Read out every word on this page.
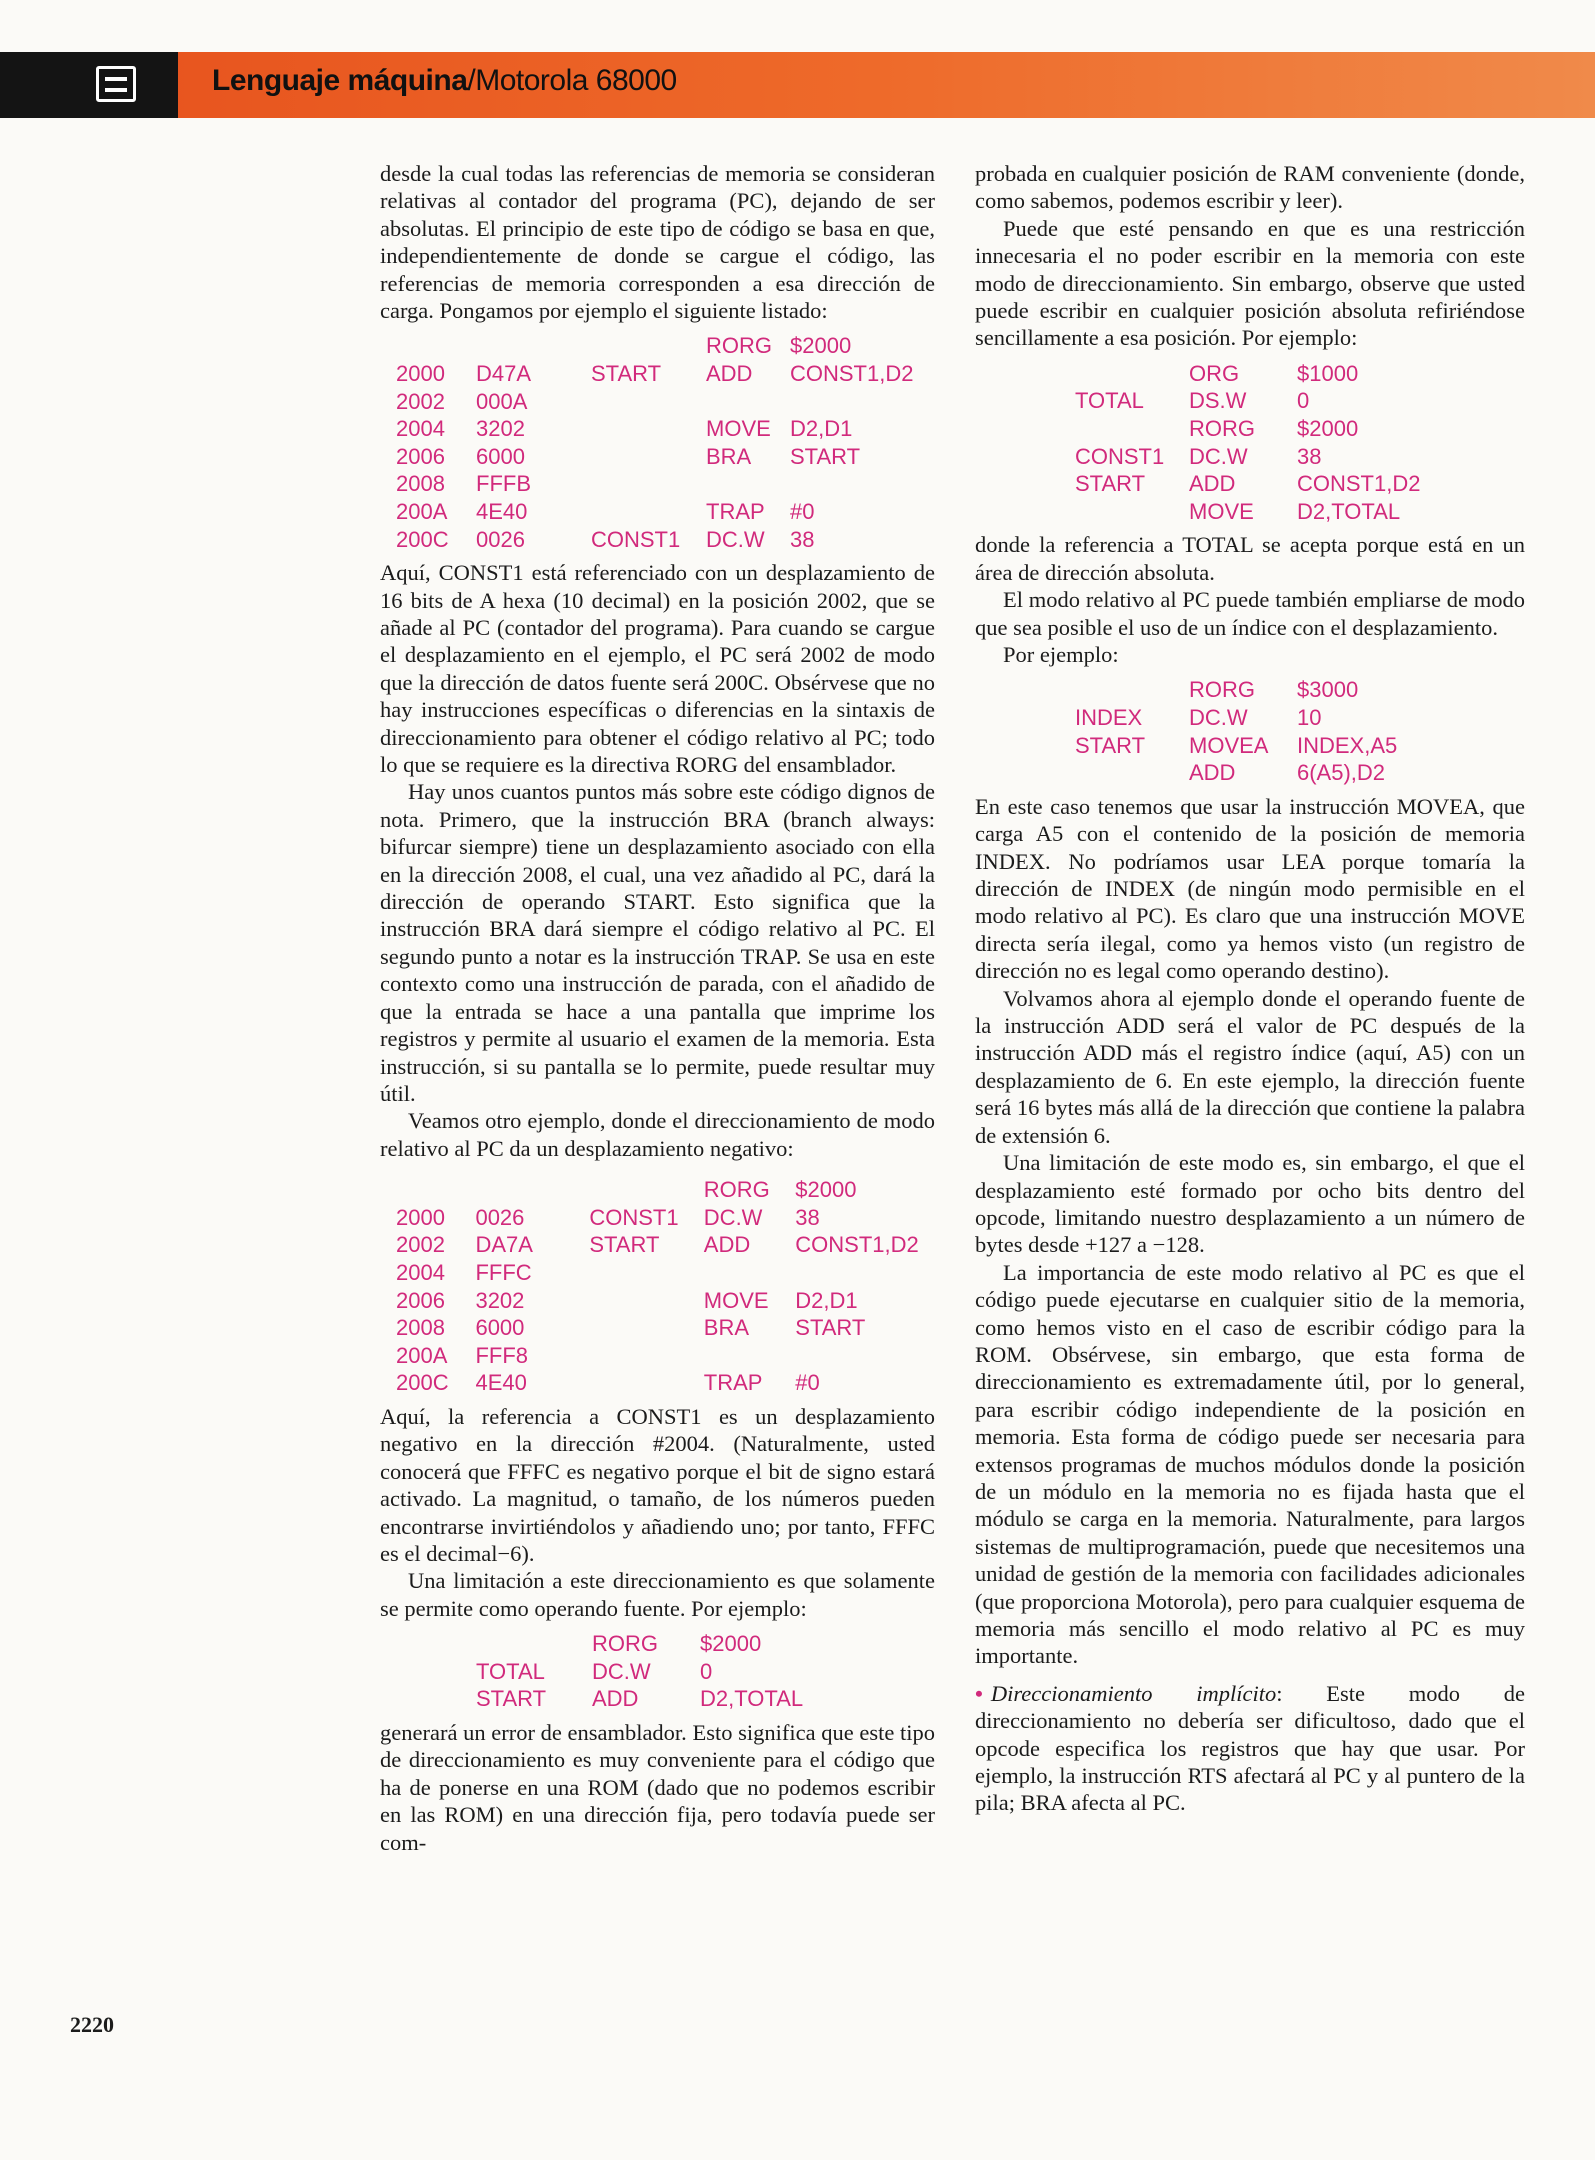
Lenguaje máquina/Motorola 68000

desde la cual todas las referencias de memoria se consideran relativas al contador del programa (PC), dejando de ser absolutas. El principio de este tipo de código se basa en que, independientemente de donde se cargue el código, las referencias de memoria corresponden a esa dirección de carga. Pongamos por ejemplo el siguiente listado:

			RORG	$2000
2000	D47A	START	ADD	CONST1,D2
2002	000A			
2004	3202		MOVE	D2,D1
2006	6000		BRA	START
2008	FFFB			
200A	4E40		TRAP	#0
200C	0026	CONST1	DC.W	38

Aquí, CONST1 está referenciado con un desplazamiento de 16 bits de A hexa (10 decimal) en la posición 2002, que se añade al PC (contador del programa). Para cuando se cargue el desplazamiento en el ejemplo, el PC será 2002 de modo que la dirección de datos fuente será 200C. Obsérvese que no hay instrucciones específicas o diferencias en la sintaxis de direccionamiento para obtener el código relativo al PC; todo lo que se requiere es la directiva RORG del ensamblador.

Hay unos cuantos puntos más sobre este código dignos de nota. Primero, que la instrucción BRA (branch always: bifurcar siempre) tiene un desplazamiento asociado con ella en la dirección 2008, el cual, una vez añadido al PC, dará la dirección de operando START. Esto significa que la instrucción BRA dará siempre el código relativo al PC. El segundo punto a notar es la instrucción TRAP. Se usa en este contexto como una instrucción de parada, con el añadido de que la entrada se hace a una pantalla que imprime los registros y permite al usuario el examen de la memoria. Esta instrucción, si su pantalla se lo permite, puede resultar muy útil.

Veamos otro ejemplo, donde el direccionamiento de modo relativo al PC da un desplazamiento negativo:

			RORG	$2000
2000	0026	CONST1	DC.W	38
2002	DA7A	START	ADD	CONST1,D2
2004	FFFC			
2006	3202		MOVE	D2,D1
2008	6000		BRA	START
200A	FFF8			
200C	4E40		TRAP	#0

Aquí, la referencia a CONST1 es un desplazamiento negativo en la dirección #2004. (Naturalmente, usted conocerá que FFFC es negativo porque el bit de signo estará activado. La magnitud, o tamaño, de los números pueden encontrarse invirtiéndolos y añadiendo uno; por tanto, FFFC es el decimal−6).

Una limitación a este direccionamiento es que solamente se permite como operando fuente. Por ejemplo:

	RORG	$2000
TOTAL	DC.W	0
START	ADD	D2,TOTAL

generará un error de ensamblador. Esto significa que este tipo de direccionamiento es muy conveniente para el código que ha de ponerse en una ROM (dado que no podemos escribir en las ROM) en una dirección fija, pero todavía puede ser com-

probada en cualquier posición de RAM conveniente (donde, como sabemos, podemos escribir y leer).

Puede que esté pensando en que es una restricción innecesaria el no poder escribir en la memoria con este modo de direccionamiento. Sin embargo, observe que usted puede escribir en cualquier posición absoluta refiriéndose sencillamente a esa posición. Por ejemplo:

	ORG	$1000
TOTAL	DS.W	0
	RORG	$2000
CONST1	DC.W	38
START	ADD	CONST1,D2
	MOVE	D2,TOTAL

donde la referencia a TOTAL se acepta porque está en un área de dirección absoluta.

El modo relativo al PC puede también empliarse de modo que sea posible el uso de un índice con el desplazamiento.

Por ejemplo:

	RORG	$3000
INDEX	DC.W	10
START	MOVEA	INDEX,A5
	ADD	6(A5),D2

En este caso tenemos que usar la instrucción MOVEA, que carga A5 con el contenido de la posición de memoria INDEX. No podríamos usar LEA porque tomaría la dirección de INDEX (de ningún modo permisible en el modo relativo al PC). Es claro que una instrucción MOVE directa sería ilegal, como ya hemos visto (un registro de dirección no es legal como operando destino).

Volvamos ahora al ejemplo donde el operando fuente de la instrucción ADD será el valor de PC después de la instrucción ADD más el registro índice (aquí, A5) con un desplazamiento de 6. En este ejemplo, la dirección fuente será 16 bytes más allá de la dirección que contiene la palabra de extensión 6.

Una limitación de este modo es, sin embargo, el que el desplazamiento esté formado por ocho bits dentro del opcode, limitando nuestro desplazamiento a un número de bytes desde +127 a −128.

La importancia de este modo relativo al PC es que el código puede ejecutarse en cualquier sitio de la memoria, como hemos visto en el caso de escribir código para la ROM. Obsérvese, sin embargo, que esta forma de direccionamiento es extremadamente útil, por lo general, para escribir código independiente de la posición en memoria. Esta forma de código puede ser necesaria para extensos programas de muchos módulos donde la posición de un módulo en la memoria no es fijada hasta que el módulo se carga en la memoria. Naturalmente, para largos sistemas de multiprogramación, puede que necesitemos una unidad de gestión de la memoria con facilidades adicionales (que proporciona Motorola), pero para cualquier esquema de memoria más sencillo el modo relativo al PC es muy importante.

• Direccionamiento implícito: Este modo de direccionamiento no debería ser dificultoso, dado que el opcode especifica los registros que hay que usar. Por ejemplo, la instrucción RTS afectará al PC y al puntero de la pila; BRA afecta al PC.

2220
